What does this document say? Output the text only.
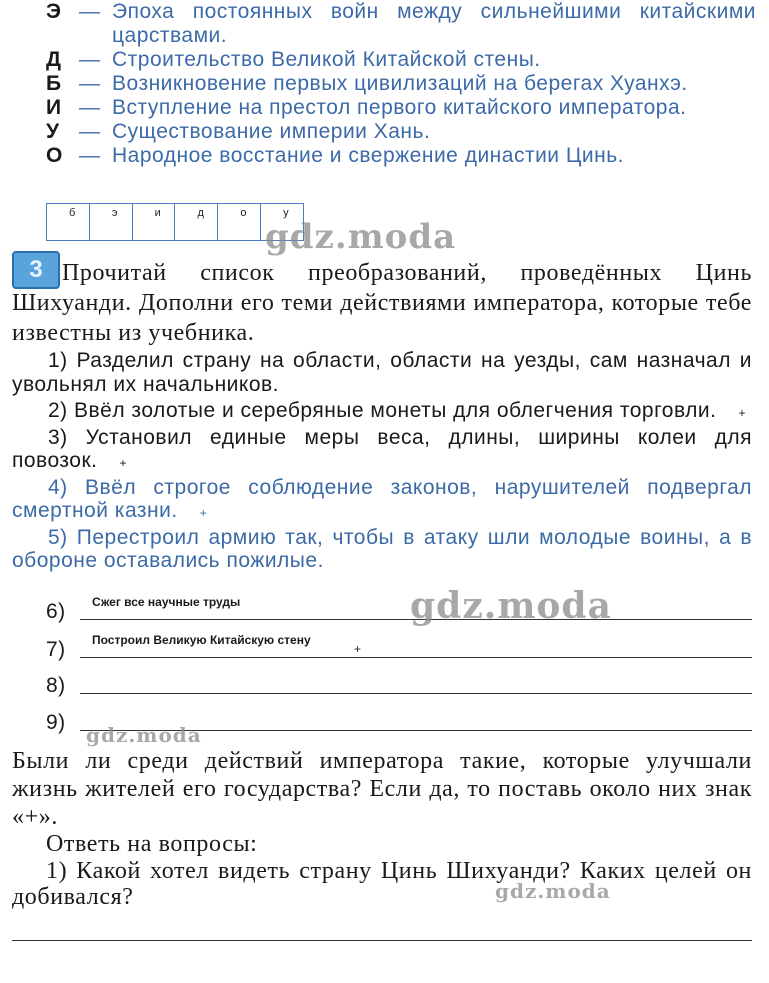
Э — Эпоха постоянных войн между сильнейшими китайскими царствами.

Д — Строительство Великой Китайской стены.

Б — Возникновение первых цивилизаций на берегах Хуанхэ.

И — Вступление на престол первого китайского императора.

У — Существование империи Хань.

О — Народное восстание и свержение династии Цинь.

б	э	и	д	о	у
3 Прочитай список преобразований, проведённых Цинь Шихуанди. Дополни его теми действиями императора, которые тебе известны из учебника.

1) Разделил страну на области, области на уезды, сам назначал и увольнял их начальников.

2) Ввёл золотые и серебряные монеты для облегчения торговли. +

3) Установил единые меры веса, длины, ширины колеи для повозок. +

4) Ввёл строгое соблюдение законов, нарушителей подвергал смертной казни. +

5) Перестроил армию так, чтобы в атаку шли молодые воины, а в обороне оставались пожилые.

6) Сжег все научные труды
7) Построил Великую Китайскую стену
+
8)
9)
Были ли среди действий императора такие, которые улучшали жизнь жителей его государства? Если да, то поставь около них знак «+».
Ответь на вопросы:
1) Какой хотел видеть страну Цинь Шихуанди? Каких целей он добивался?
gdz.moda
gdz.moda
gdz.moda
gdz.moda
